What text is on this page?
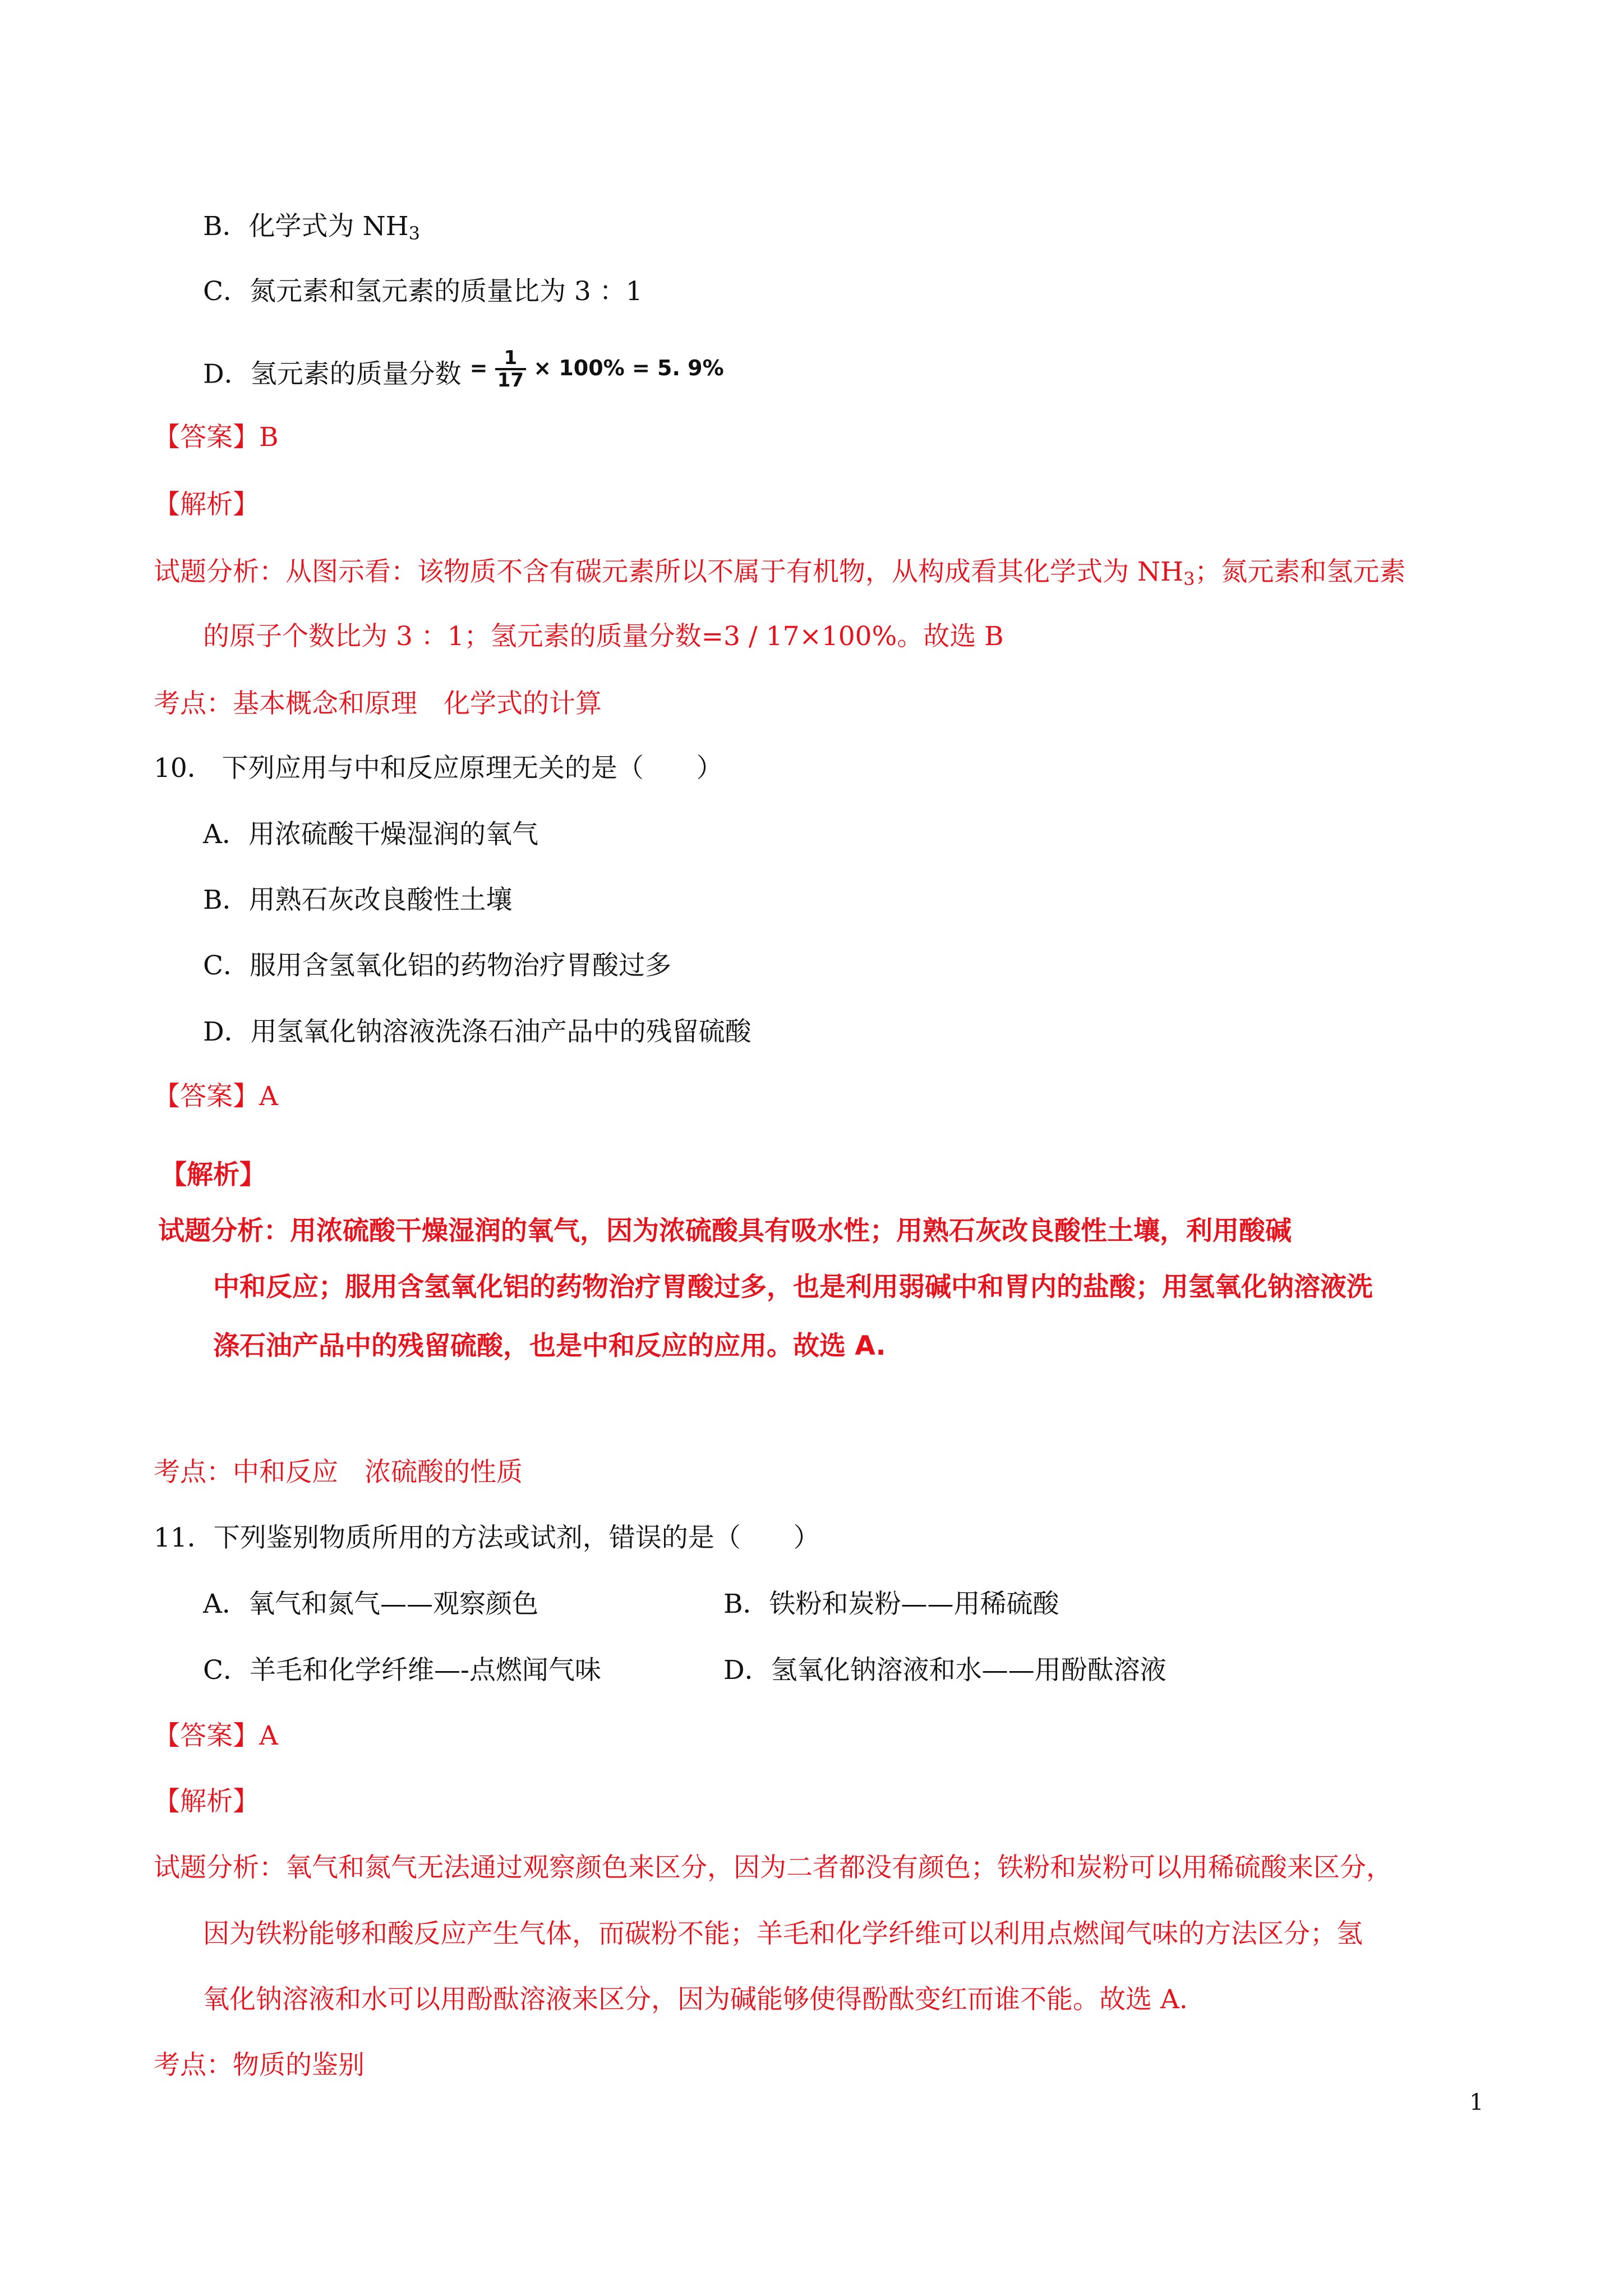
B．化学式为 $NH_3$
C．氮元素和氢元素的质量比为 3 ：1
D．氢元素的质量分数 $^{= \frac{1}{17} \times 100\% = 5. 9\%}$
【答案】B
【解析】
试题分析：从图示看：该物质不含有碳元素所以不属于有机物，从构成看其化学式为 $NH_3$；氮元素和氢元素
的原子个数比为 3 ：1；氢元素的质量分数=3 / 17×100%。故选 B
考点：基本概念和原理　化学式的计算
10． 下列应用与中和反应原理无关的是（　　）
A．用浓硫酸干燥湿润的氧气
B．用熟石灰改良酸性土壤
C．服用含氢氧化铝的药物治疗胃酸过多
D．用氢氧化钠溶液洗涤石油产品中的残留硫酸
【答案】A
【解析】
试题分析：用浓硫酸干燥湿润的氧气，因为浓硫酸具有吸水性；用熟石灰改良酸性土壤，利用酸碱
中和反应；服用含氢氧化铝的药物治疗胃酸过多，也是利用弱碱中和胃内的盐酸；用氢氧化钠溶液洗
涤石油产品中的残留硫酸，也是中和反应的应用。故选 A.
考点：中和反应　浓硫酸的性质
11．下列鉴别物质所用的方法或试剂，错误的是（　　）
A．氧气和氮气——观察颜色	B．铁粉和炭粉——用稀硫酸
C．羊毛和化学纤维—-点燃闻气味	D．氢氧化钠溶液和水——用酚酞溶液
【答案】A
【解析】
试题分析：氧气和氮气无法通过观察颜色来区分，因为二者都没有颜色；铁粉和炭粉可以用稀硫酸来区分，
因为铁粉能够和酸反应产生气体，而碳粉不能；羊毛和化学纤维可以利用点燃闻气味的方法区分；氢
氧化钠溶液和水可以用酚酞溶液来区分，因为碱能够使得酚酞变红而谁不能。故选 A.
考点：物质的鉴别
1
